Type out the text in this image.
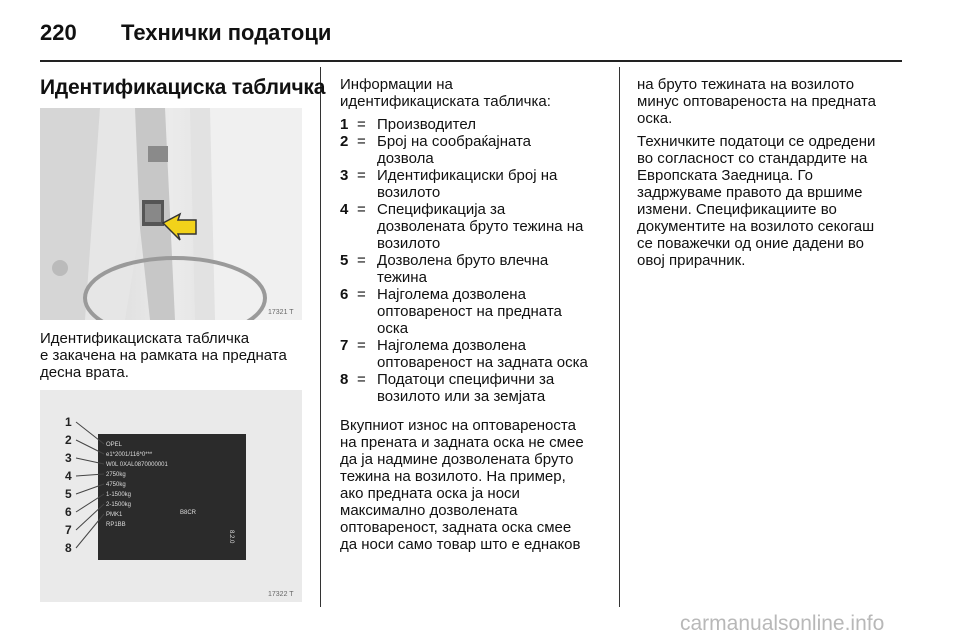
220 Технички податоци
Идентификациска табличка
17321 T
Идентификациската табличка
е закачена на рамката на предната
десна врата.
OPEL
e1*2001/116*0***
W0L 0XAL0870000001
2750kg
4750kg
1-1500kg
2-1500kg
PMK1
RP1BB
B8CR
8.2.0
1
2
3
4
5
6
7
8
17322 T
Информации на
идентификациската табличка:
1 = Производител
2 = Број на сообраќајната
дозвола
3 = Идентификациски број на
возилото
4 = Спецификација за
дозволената бруто тежина на
возилото
5 = Дозволена бруто влечна
тежина
6 = Најголема дозволена
оптовареност на предната
оска
7 = Најголема дозволена
оптовареност на задната оска
8 = Податоци специфични за
возилото или за земјата
Вкупниот износ на оптовареноста
на прената и задната оска не смее
да ја надмине дозволената бруто
тежина на возилото. На пример,
ако предната оска ја носи
максимално дозволената
оптовареност, задната оска смее
да носи само товар што е еднаков
на бруто тежината на возилото
минус оптовареноста на предната
оска.
Техничките податоци се одредени
во согласност со стандардите на
Европската Заедница. Го
задржуваме правото да вршиме
измени. Спецификациите во
документите на возилото секогаш
се поважечки од оние дадени во
овој прирачник.
carmanualsonline.info
